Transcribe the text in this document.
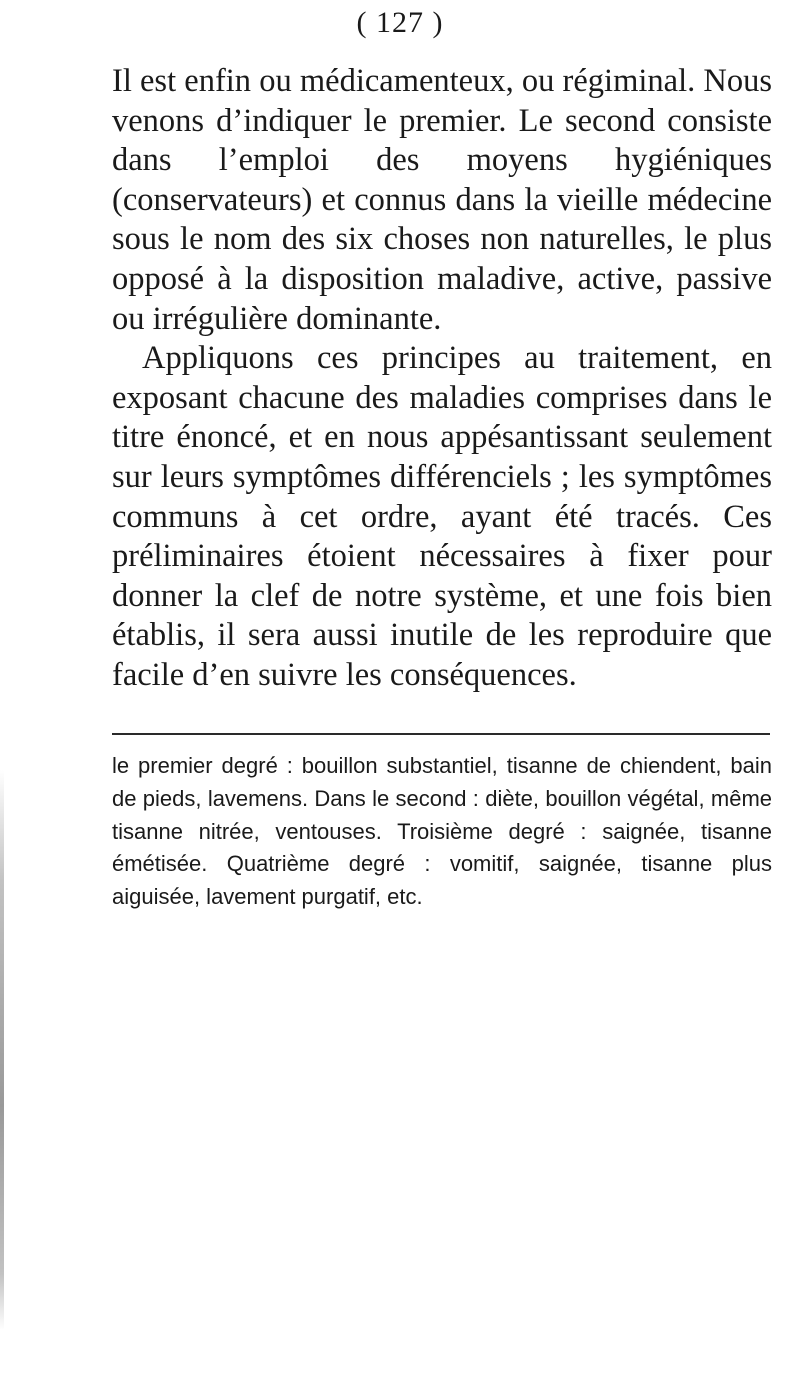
( 127 )

Il est enfin ou médicamenteux, ou régiminal. Nous venons d’indiquer le premier. Le second consiste dans l’emploi des moyens hygiéniques (conservateurs) et connus dans la vieille médecine sous le nom des six choses non naturelles, le plus opposé à la disposition maladive, active, passive ou irrégulière dominante.

Appliquons ces principes au traitement, en exposant chacune des maladies comprises dans le titre énoncé, et en nous appésantissant seulement sur leurs symptômes différenciels ; les symptômes communs à cet ordre, ayant été tracés. Ces préliminaires étoient nécessaires à fixer pour donner la clef de notre système, et une fois bien établis, il sera aussi inutile de les reproduire que facile d’en suivre les conséquences.

le premier degré : bouillon substantiel, tisanne de chiendent, bain de pieds, lavemens. Dans le second : diète, bouillon végétal, même tisanne nitrée, ventouses. Troisième degré : saignée, tisanne émétisée. Quatrième degré : vomitif, saignée, tisanne plus aiguisée, lavement purgatif, etc.
